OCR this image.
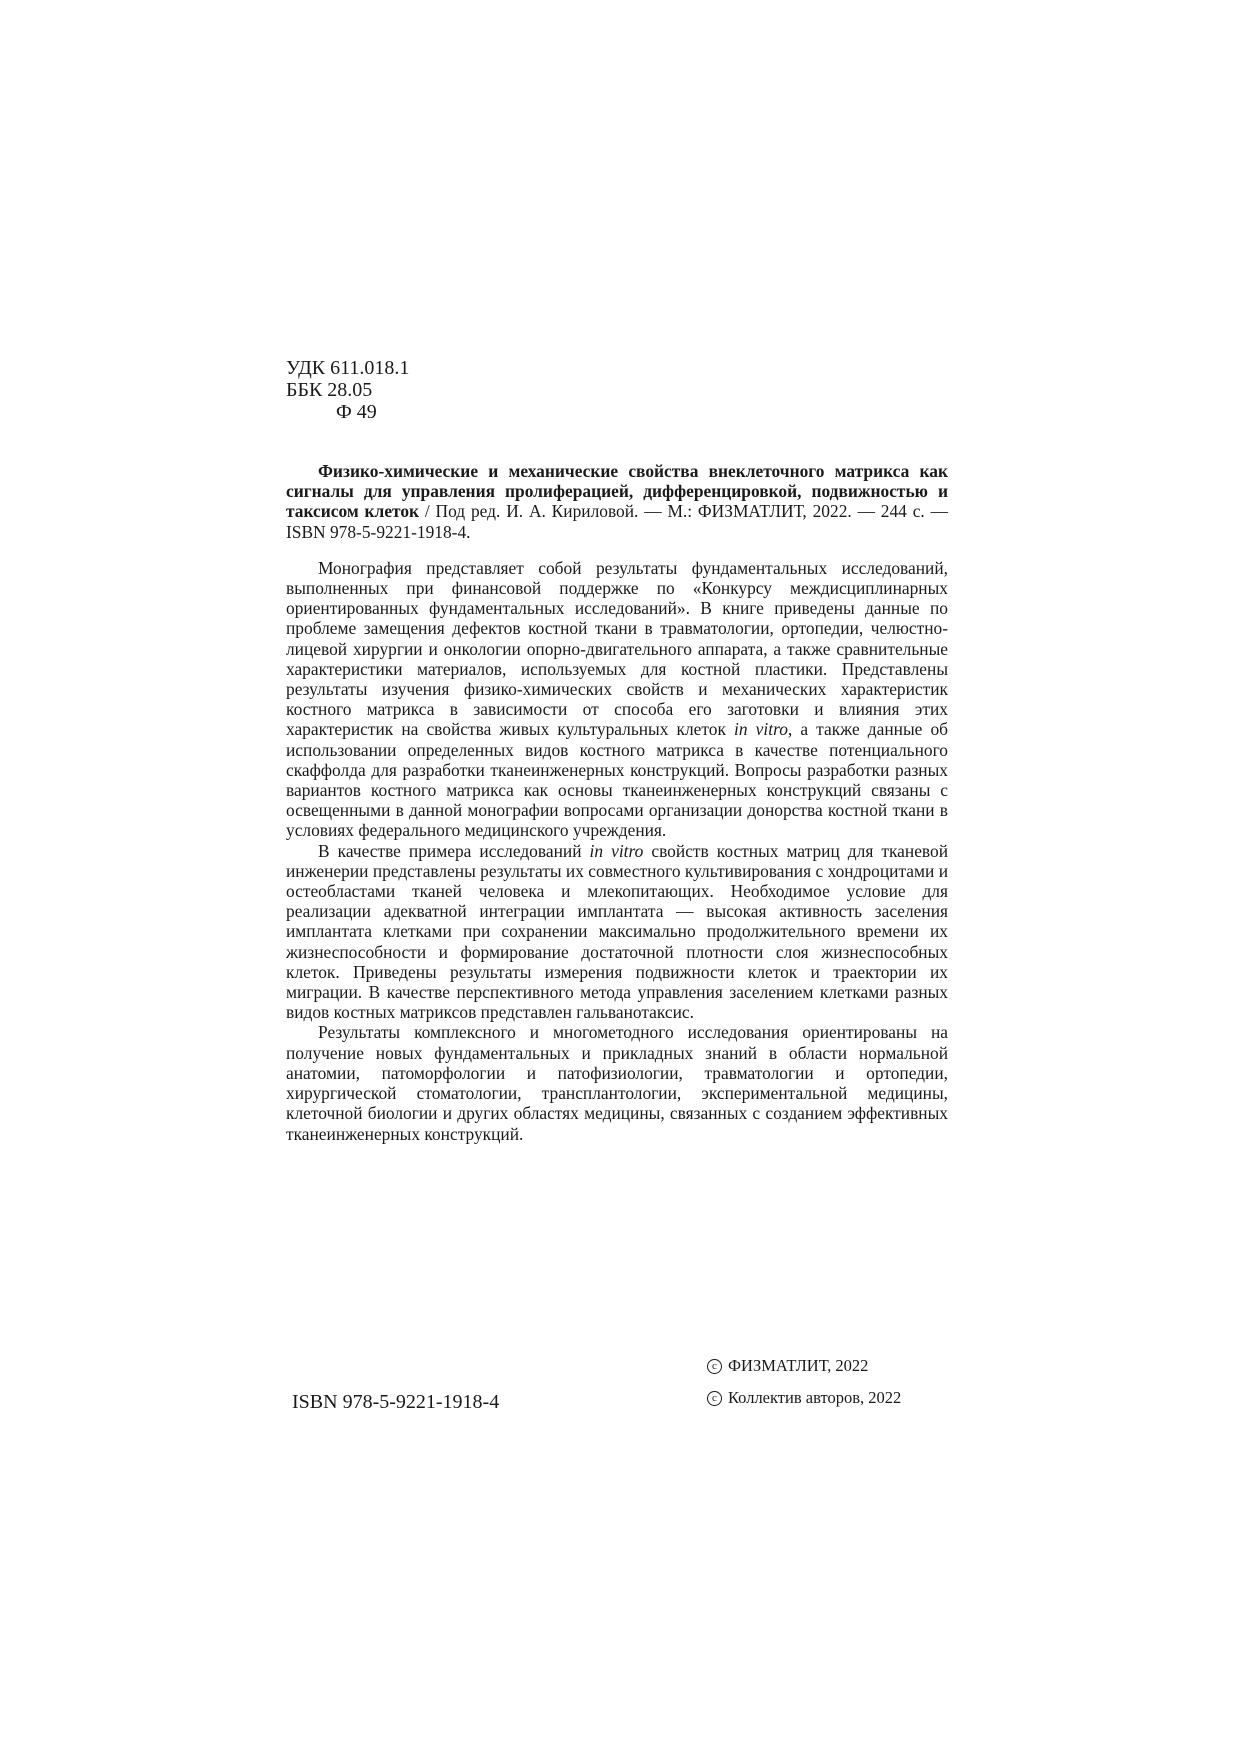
УДК 611.018.1
ББК 28.05
Ф 49

Физико-химические и механические свойства внеклеточного матрикса как сигналы для управления пролиферацией, дифференцировкой, подвижностью и таксисом клеток / Под ред. И. А. Кириловой. — М.: ФИЗМАТЛИТ, 2022. — 244 с. — ISBN 978-5-9221-1918-4.

Монография представляет собой результаты фундаментальных исследований, выполненных при финансовой поддержке по «Конкурсу междисциплинарных ориентированных фундаментальных исследований». В книге приведены данные по проблеме замещения дефектов костной ткани в травматологии, ортопедии, челюстно-лицевой хирургии и онкологии опорно-двигательного аппарата, а также сравнительные характеристики материалов, используемых для костной пластики. Представлены результаты изучения физико-химических свойств и механических характеристик костного матрикса в зависимости от способа его заготовки и влияния этих характеристик на свойства живых культуральных клеток in vitro, а также данные об использовании определенных видов костного матрикса в качестве потенциального скаффолда для разработки тканеинженерных конструкций. Вопросы разработки разных вариантов костного матрикса как основы тканеинженерных конструкций связаны с освещенными в данной монографии вопросами организации донорства костной ткани в условиях федерального медицинского учреждения.

В качестве примера исследований in vitro свойств костных матриц для тканевой инженерии представлены результаты их совместного культивирования с хондроцитами и остеобластами тканей человека и млекопитающих. Необходимое условие для реализации адекватной интеграции имплантата — высокая активность заселения имплантата клетками при сохранении максимально продолжительного времени их жизнеспособности и формирование достаточной плотности слоя жизнеспособных клеток. Приведены результаты измерения подвижности клеток и траектории их миграции. В качестве перспективного метода управления заселением клетками разных видов костных матриксов представлен гальванотаксис.

Результаты комплексного и многометодного исследования ориентированы на получение новых фундаментальных и прикладных знаний в области нормальной анатомии, патоморфологии и патофизиологии, травматологии и ортопедии, хирургической стоматологии, трансплантологии, экспериментальной медицины, клеточной биологии и других областях медицины, связанных с созданием эффективных тканеинженерных конструкций.

ISBN 978-5-9221-1918-4
c ФИЗМАТЛИТ, 2022
c Коллектив авторов, 2022
